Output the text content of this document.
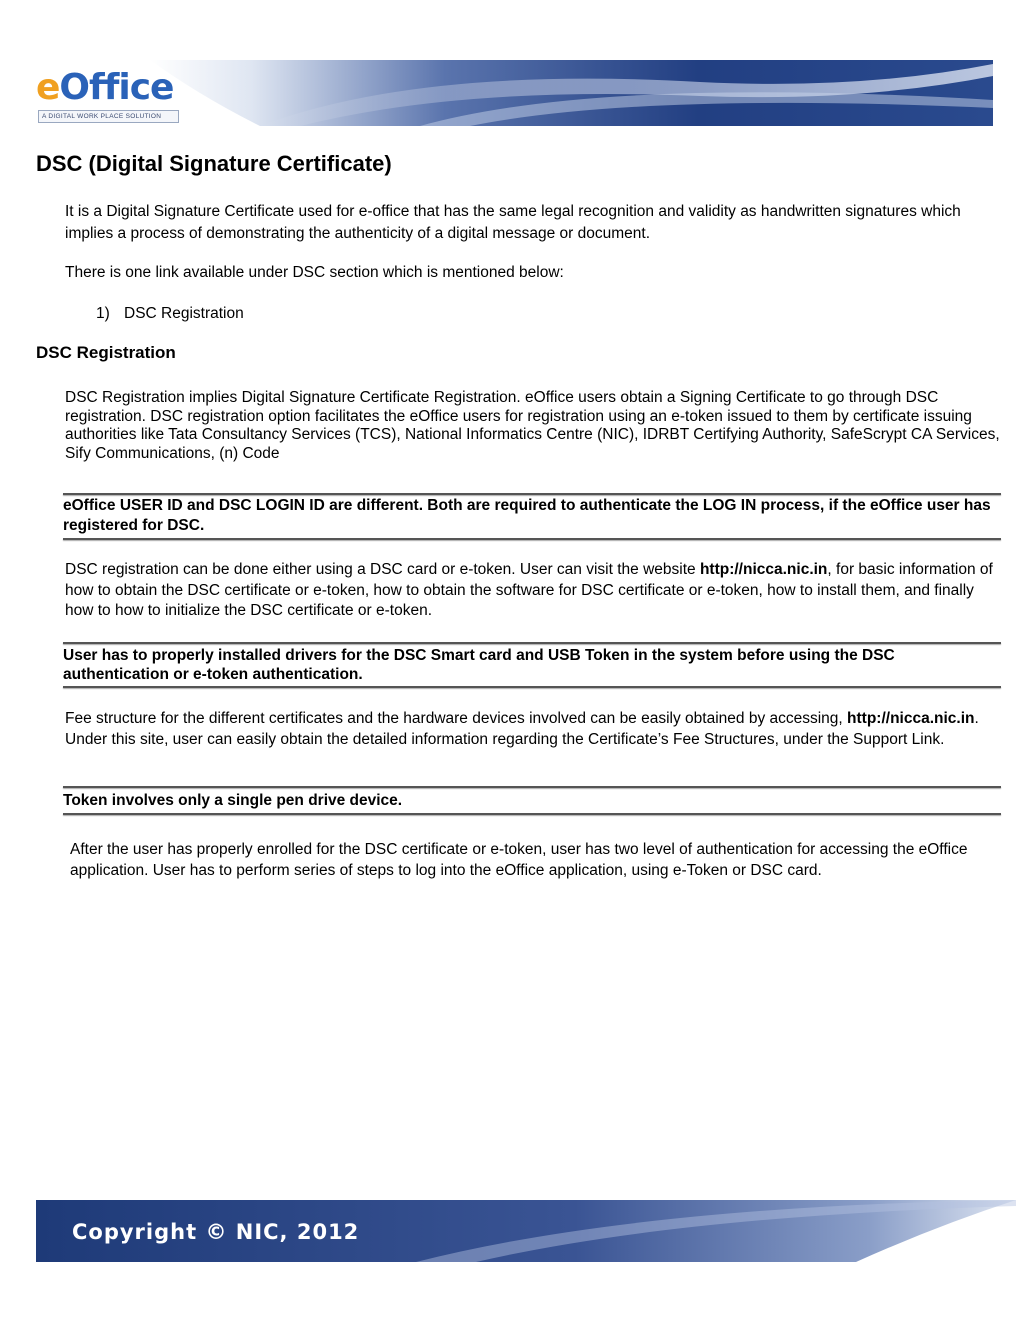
eOffice
A DIGITAL WORK PLACE SOLUTION
DSC (Digital Signature Certificate)

It is a Digital Signature Certificate used for e-office that has the same legal recognition and validity as handwritten signatures which implies a process of demonstrating the authenticity of a digital message or document.

There is one link available under DSC section which is mentioned below:

1) DSC Registration
DSC Registration

DSC Registration implies Digital Signature Certificate Registration. eOffice users obtain a Signing Certificate to go through DSC registration. DSC registration option facilitates the eOffice users for registration using an e-token issued to them by certificate issuing authorities like Tata Consultancy Services (TCS), National Informatics Centre (NIC), IDRBT Certifying Authority, SafeScrypt CA Services, Sify Communications, (n) Code

eOffice USER ID and DSC LOGIN ID are different. Both are required to authenticate the LOG IN process, if the eOffice user has registered for DSC.

DSC registration can be done either using a DSC card or e-token. User can visit the website http://nicca.nic.in, for basic information of how to obtain the DSC certificate or e-token, how to obtain the software for DSC certificate or e-token, how to install them, and finally how to how to initialize the DSC certificate or e-token.

User has to properly installed drivers for the DSC Smart card and USB Token in the system before using the DSC authentication or e-token authentication.

Fee structure for the different certificates and the hardware devices involved can be easily obtained by accessing, http://nicca.nic.in. Under this site, user can easily obtain the detailed information regarding the Certificate’s Fee Structures, under the Support Link.

Token involves only a single pen drive device.

After the user has properly enrolled for the DSC certificate or e-token, user has two level of authentication for accessing the eOffice application. User has to perform series of steps to log into the eOffice application, using e-Token or DSC card.

Copyright © NIC, 2012
